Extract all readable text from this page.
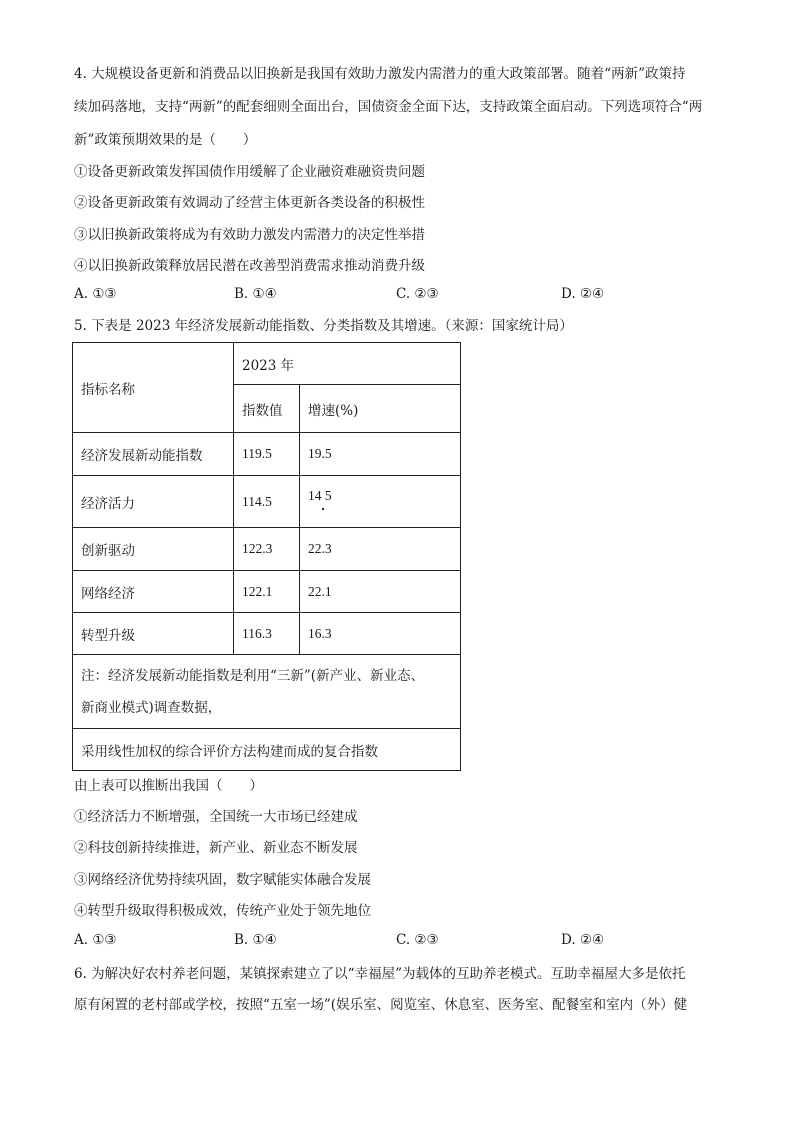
4. 大规模设备更新和消费品以旧换新是我国有效助力激发内需潜力的重大政策部署。随着“两新”政策持
续加码落地，支持“两新”的配套细则全面出台，国债资金全面下达，支持政策全面启动。下列选项符合“两
新”政策预期效果的是（　　）
①设备更新政策发挥国债作用缓解了企业融资难融资贵问题
②设备更新政策有效调动了经营主体更新各类设备的积极性
③以旧换新政策将成为有效助力激发内需潜力的决定性举措
④以旧换新政策释放居民潜在改善型消费需求推动消费升级
A. ①③	B. ①④	C. ②③	D. ②④
5. 下表是 2023 年经济发展新动能指数、分类指数及其增速。（来源：国家统计局）
指标名称	2023 年	
	指数值	增速(%)
经济发展新动能指数	119.5	19.5
经济活力	114.5	14 5
创新驱动	122.3	22.3
网络经济	122.1	22.1
转型升级	116.3	16.3

注：经济发展新动能指数是利用“三新”(新产业、新业态、
新商业模式)调查数据，		

采用线性加权的综合评价方法构建而成的复合指数		
由上表可以推断出我国（　　）
①经济活力不断增强，全国统一大市场已经建成
②科技创新持续推进，新产业、新业态不断发展
③网络经济优势持续巩固，数字赋能实体融合发展
④转型升级取得积极成效，传统产业处于领先地位
A. ①③	B. ①④	C. ②③	D. ②④
6. 为解决好农村养老问题，某镇探索建立了以“幸福屋”为载体的互助养老模式。互助幸福屋大多是依托
原有闲置的老村部或学校，按照“五室一场”(娱乐室、阅览室、休息室、医务室、配餐室和室内（外）健
